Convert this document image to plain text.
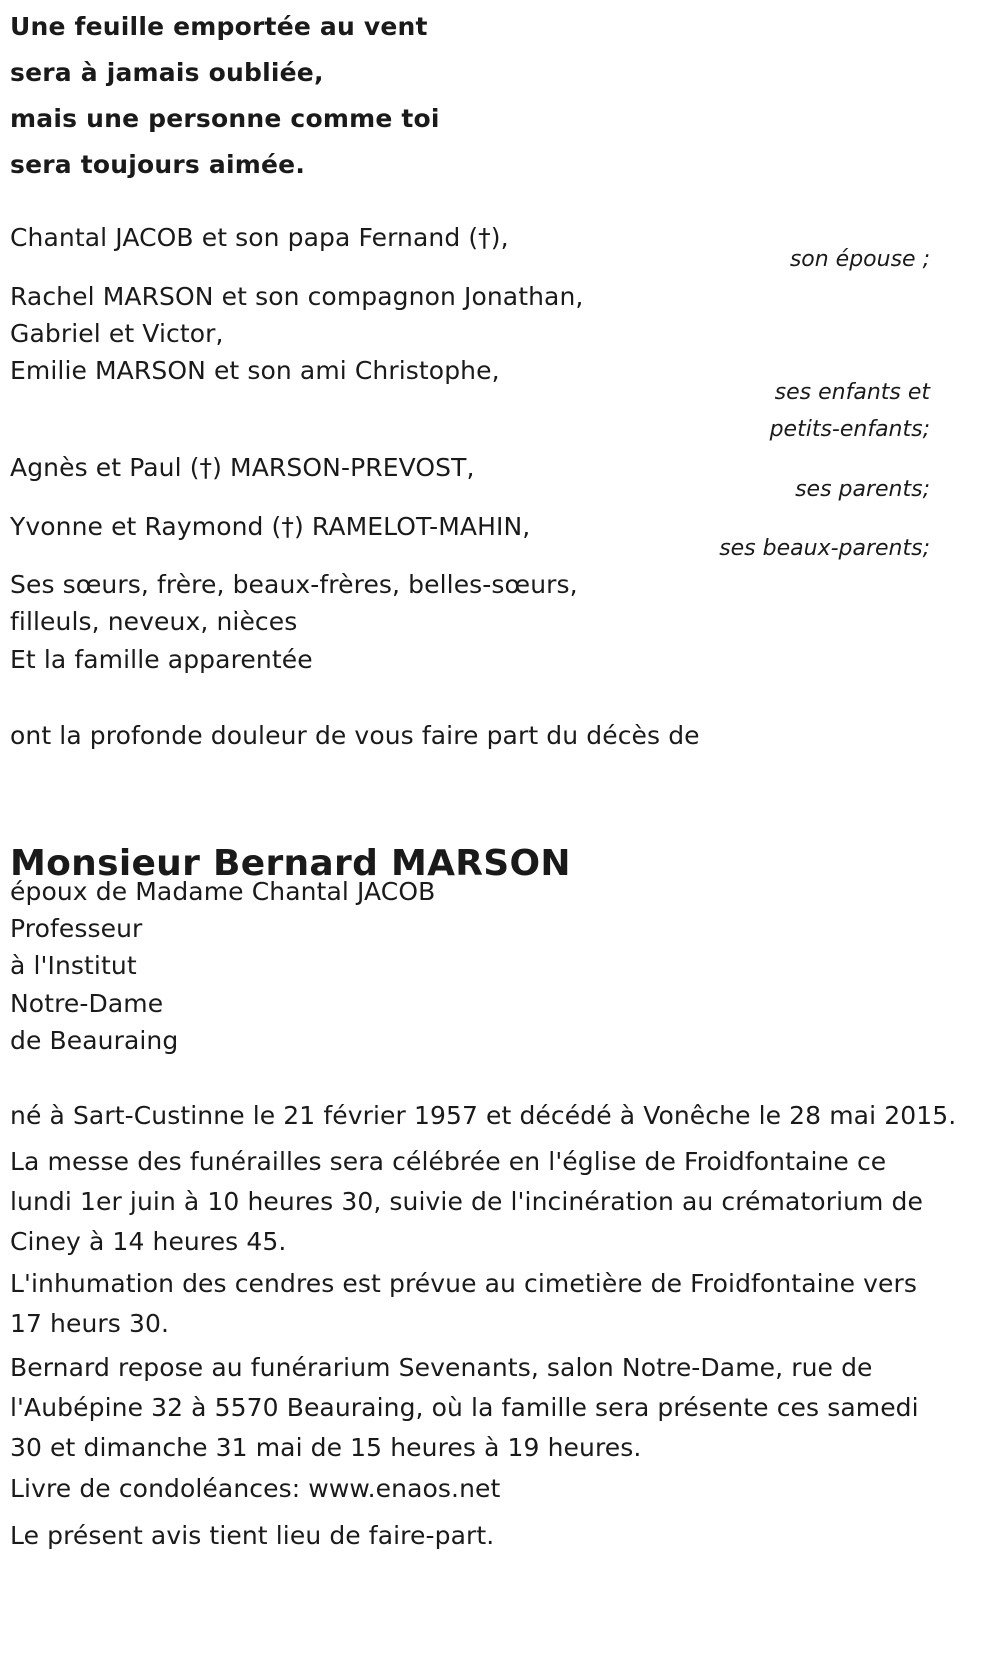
Une feuille emportée au vent
sera à jamais oubliée,
mais une personne comme toi
sera toujours aimée.
Chantal JACOB et son papa Fernand (†),
son épouse ;
Rachel MARSON et son compagnon Jonathan,
Gabriel et Victor,
Emilie MARSON et son ami Christophe,
ses enfants et
petits-enfants;
Agnès et Paul (†) MARSON-PREVOST,
ses parents;
Yvonne et Raymond (†) RAMELOT-MAHIN,
ses beaux-parents;
Ses sœurs, frère, beaux-frères, belles-sœurs,
filleuls, neveux, nièces
Et la famille apparentée
ont la profonde douleur de vous faire part du décès de
Monsieur Bernard MARSON
époux de Madame Chantal JACOB
Professeur
à l'Institut
Notre-Dame
de Beauraing
né à Sart-Custinne le 21 février 1957 et décédé à Vonêche le 28 mai 2015.
La messe des funérailles sera célébrée en l'église de Froidfontaine ce lundi 1er juin à 10 heures 30, suivie de l'incinération au crématorium de Ciney à 14 heures 45.
L'inhumation des cendres est prévue au cimetière de Froidfontaine vers 17 heurs 30.
Bernard repose au funérarium Sevenants, salon Notre-Dame, rue de l'Aubépine 32 à 5570 Beauraing, où la famille sera présente ces samedi 30 et dimanche 31 mai de 15 heures à 19 heures.
Livre de condoléances: www.enaos.net
Le présent avis tient lieu de faire-part.
